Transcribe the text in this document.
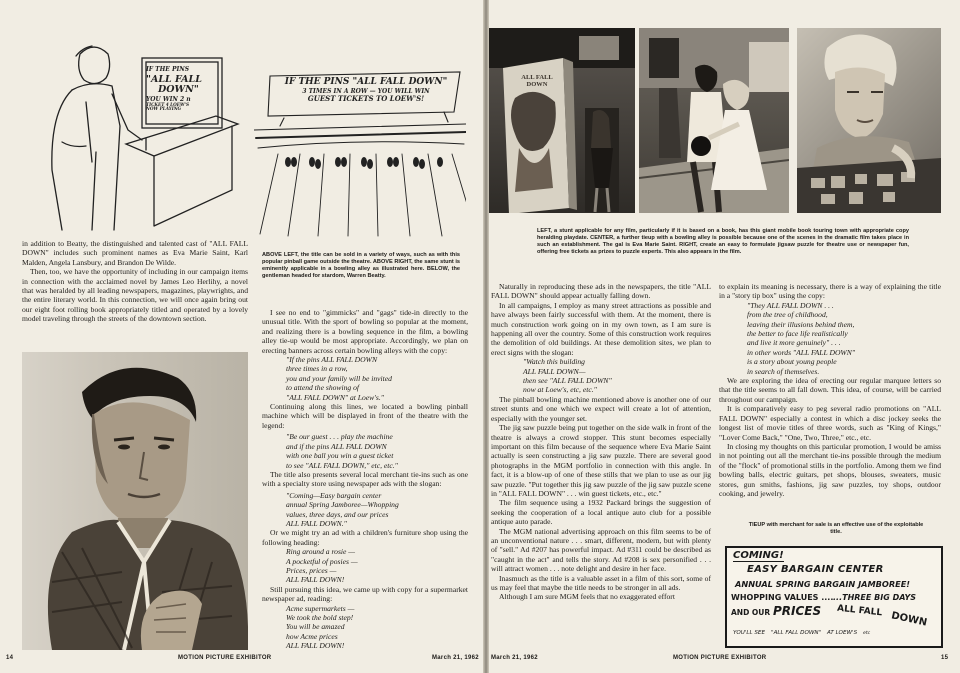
IF THE PINS
"ALL FALL
DOWN"
YOU WIN 2 n
TICKET 4 LOEW'S
NOW PLAYING
IF THE PINS "ALL FALL DOWN"
3 TIMES IN A ROW — YOU WILL WIN
GUEST TICKETS TO LOEW'S!
ABOVE LEFT, the title can be sold in a variety of ways, such as with this popular pinball game outside the theatre. ABOVE RIGHT, the same stunt is eminently applicable in a bowling alley as illustrated here. BELOW, the gentleman headed for stardom, Warren Beatty.

in addition to Beatty, the distinguished and talented cast of "ALL FALL DOWN" includes such prominent names as Eva Marie Saint, Karl Malden, Angela Lansbury, and Brandon De Wilde.

Then, too, we have the opportunity of including in our campaign items in connection with the acclaimed novel by James Leo Herlihy, a novel that was heralded by all leading newspapers, magazines, playwrights, and the entire literary world. In this connection, we will once again bring out our eight foot rolling book appropriately titled and operated by a lovely model traveling through the streets of the downtown section.

I see no end to "gimmicks" and "gags" tide-in directly to the unusual title. With the sport of bowling so popular at the moment, and realizing there is a bowling sequence in the film, a bowling alley tie-up would be most appropriate. Accordingly, we plan on erecting banners across certain bowling alleys with the copy:

"If the pins ALL FALL DOWN
three times in a row,
you and your family will be invited
to attend the showing of
"ALL FALL DOWN" at Loew's."

Continuing along this lines, we located a bowling pinball machine which will be displayed in front of the theatre with the legend:

"Be our guest . . . play the machine
and if the pins ALL FALL DOWN
with one ball you win a guest ticket
to see "ALL FALL DOWN," etc, etc."

The title also presents several local merchant tie-ins such as one with a specialty store using newspaper ads with the slogan:

"Coming—Easy bargain center
annual Spring Jamboree—Whopping
values, three days, and our prices
ALL FALL DOWN."

Or we might try an ad with a children's furniture shop using the following heading:

Ring around a rosie —
A pocketful of posies —
Prices, prices —
ALL FALL DOWN!

Still pursuing this idea, we came up with copy for a supermarket newspaper ad, reading:

Acme supermarkets —
We took the bold step!
You will be amazed
how Acme prices
ALL FALL DOWN!
14	MOTION PICTURE EXHIBITOR	March 21, 1962
ALL FALL DOWN
LEFT, a stunt applicable for any film, particularly if it is based on a book, has this giant mobile book touring town with appropriate copy heralding playdate. CENTER, a further tieup with a bowling alley is possible because one of the scenes in the dramatic film takes place in such an establishment. The gal is Eva Marie Saint. RIGHT, create an easy to formulate jigsaw puzzle for theatre use or newspaper fun, offering free tickets as prizes to puzzle experts. This also appears in the film.

Naturally in reproducing these ads in the newspapers, the title "ALL FALL DOWN" should appear actually falling down.

In all campaigns, I employ as many street attractions as possible and have always been fairly successful with them. At the moment, there is much construction work going on in my own town, as I am sure is happening all over the country. Some of this construction work requires the demolition of old buildings. At these demolition sites, we plan to erect signs with the slogan:

"Watch this building
ALL FALL DOWN—
then see "ALL FALL DOWN"
now at Loew's, etc, etc."

The pinball bowling machine mentioned above is another one of our street stunts and one which we expect will create a lot of attention, especially with the younger set.

The jig saw puzzle being put together on the side walk in front of the theatre is always a crowd stopper. This stunt becomes especially important on this film because of the sequence where Eva Marie Saint actually is seen constructing a jig saw puzzle. There are several good photographs in the MGM portfolio in connection with this angle. In fact, it is a blow-up of one of these stills that we plan to use as our jig saw puzzle. "Put together this jig saw puzzle of the jig saw puzzle scene in "ALL FALL DOWN" . . . win guest tickets, etc., etc."

The film sequence using a 1932 Packard brings the suggestion of seeking the cooperation of a local antique auto club for a possible antique auto parade.

The MGM national advertising approach on this film seems to be of an unconventional nature . . . smart, different, modern, but with plenty of "sell." Ad #207 has powerful impact. Ad #311 could be described as "caught in the act" and tells the story. Ad #208 is sex personified . . . will attract women . . . note delight and desire in her face.

Inasmuch as the title is a valuable asset in a film of this sort, some of us may feel that maybe the title needs to be stronger in all ads.

Although I am sure MGM feels that no exaggerated effort

to explain its meaning is necessary, there is a way of explaining the title in a "story tip box" using the copy:

"They ALL FALL DOWN . . .
from the tree of childhood,
leaving their illusions behind them,
the better to face life realistically
and live it more genuinely" . . .
in other words "ALL FALL DOWN"
is a story about young people
in search of themselves.

We are exploring the idea of erecting our regular marquee letters so that the title seems to all fall down. This idea, of course, will be carried throughout our campaign.

It is comparatively easy to peg several radio promotions on "ALL FALL DOWN" especially a contest in which a disc jockey seeks the longest list of movie titles of three words, such as "King of Kings," "Lover Come Back," "One, Two, Three," etc., etc.

In closing my thoughts on this particular promotion, I would be amiss in not pointing out all the merchant tie-ins possible through the medium of the "flock" of promotional stills in the portfolio. Among them we find bowling balls, electric guitars, pet shops, blouses, sweaters, music stores, gun smiths, fashions, jig saw puzzles, toy shops, outdoor cooking, and jewelry.

TIEUP with merchant for sale is an effective use of the exploitable title.
COMING!
EASY BARGAIN CENTER
ANNUAL SPRING BARGAIN JAMBOREE!
WHOPPING VALUES .... ...THREE BIG DAYS
AND OUR PRICES ALL FALL DOWN
YOU'LL SEE "ALL FALL DOWN" AT LOEW'S etc
March 21, 1962	MOTION PICTURE EXHIBITOR	15
